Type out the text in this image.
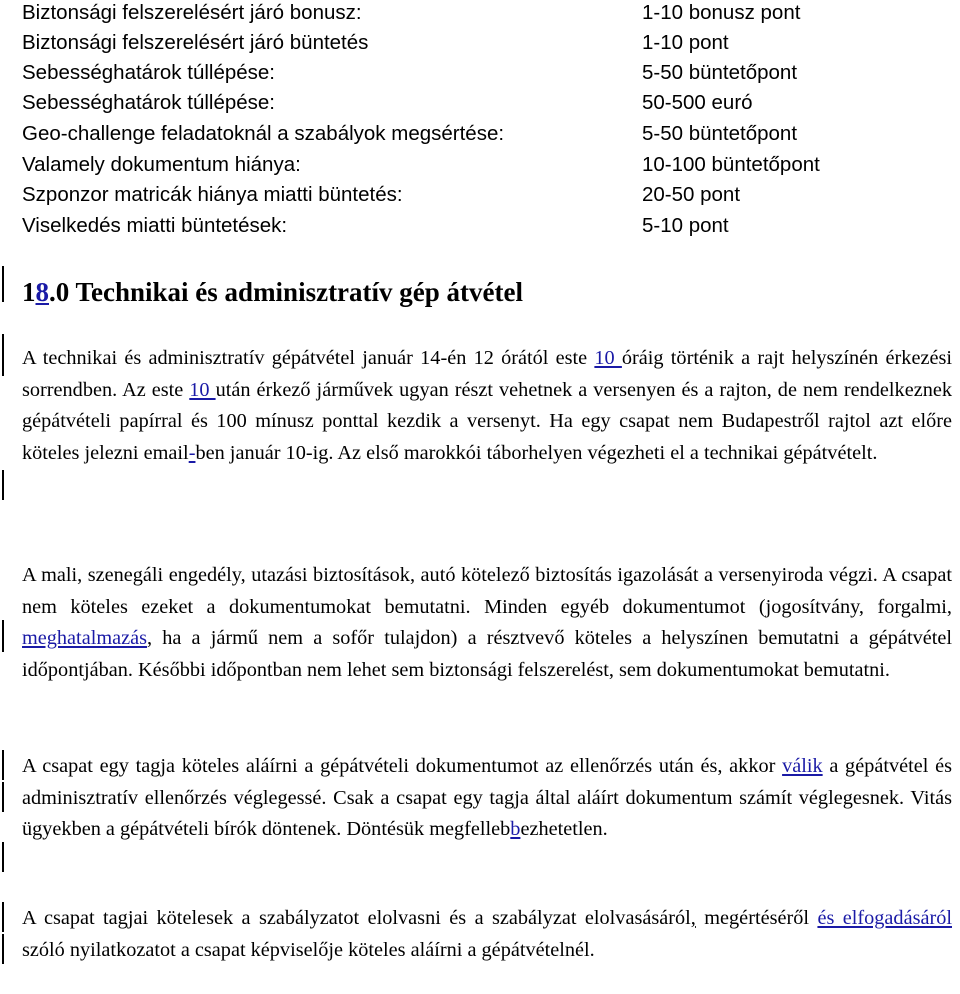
Biztonsági felszerelésért járó bonusz:	1-10 bonusz pont
Biztonsági felszerelésért járó büntetés	1-10 pont
Sebességhatárok túllépése:	5-50 büntetőpont
Sebességhatárok túllépése:	50-500 euró
Geo-challenge feladatoknál a szabályok megsértése:	5-50 büntetőpont
Valamely dokumentum hiánya:	10-100 büntetőpont
Szponzor matricák hiánya miatti büntetés:	20-50 pont
Viselkedés miatti büntetések:	5-10 pont
18.0 Technikai és adminisztratív gép átvétel

A technikai és adminisztratív gépátvétel január 14-én 12 órától este 10 óráig történik a rajt helyszínén érkezési sorrendben. Az este 10 után érkező járművek ugyan részt vehetnek a versenyen és a rajton, de nem rendelkeznek gépátvételi papírral és 100 mínusz ponttal kezdik a versenyt. Ha egy csapat nem Budapestről rajtol azt előre köteles jelezni email-ben január 10-ig. Az első marokkói táborhelyen végezheti el a technikai gépátvételt.

A mali, szenegáli engedély, utazási biztosítások, autó kötelező biztosítás igazolását a versenyiroda végzi. A csapat nem köteles ezeket a dokumentumokat bemutatni. Minden egyéb dokumentumot (jogosítvány, forgalmi, meghatalmazás, ha a jármű nem a sofőr tulajdon) a résztvevő köteles a helyszínen bemutatni a gépátvétel időpontjában. Későbbi időpontban nem lehet sem biztonsági felszerelést, sem dokumentumokat bemutatni.

A csapat egy tagja köteles aláírni a gépátvételi dokumentumot az ellenőrzés után és, akkor válik a gépátvétel és adminisztratív ellenőrzés véglegessé. Csak a csapat egy tagja által aláírt dokumentum számít véglegesnek. Vitás ügyekben a gépátvételi bírók döntenek. Döntésük megfellebbezhetetlen.

A csapat tagjai kötelesek a szabályzatot elolvasni és a szabályzat elolvasásáról, megértéséről és elfogadásáról szóló nyilatkozatot a csapat képviselője köteles aláírni a gépátvételnél.
